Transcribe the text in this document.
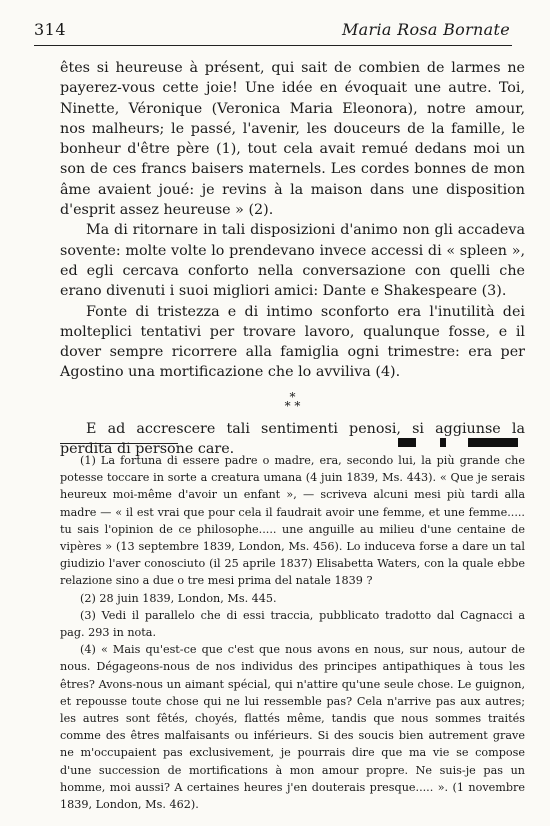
314	Maria Rosa Bornate

êtes si heureuse à présent, qui sait de combien de larmes ne payerez-vous cette joie! Une idée en évoquait une autre. Toi, Ninette, Véronique (Veronica Maria Eleonora), notre amour, nos malheurs; le passé, l'avenir, les douceurs de la famille, le bonheur d'être père (1), tout cela avait remué dedans moi un son de ces francs baisers maternels. Les cordes bonnes de mon âme avaient joué: je revins à la maison dans une disposition d'esprit assez heureuse » (2).

Ma di ritornare in tali disposizioni d'animo non gli accadeva sovente: molte volte lo prendevano invece accessi di « spleen », ed egli cercava conforto nella conversazione con quelli che erano divenuti i suoi migliori amici: Dante e Shakespeare (3).

Fonte di tristezza e di intimo sconforto era l'inutilità dei molteplici tentativi per trovare lavoro, qualunque fosse, e il dover sempre ricorrere alla famiglia ogni trimestre: era per Agostino una mortificazione che lo avviliva (4).

*
* *

E ad accrescere tali sentimenti penosi, si aggiunse la perdita di persone care.

(1) La fortuna di essere padre o madre, era, secondo lui, la più grande che potesse toccare in sorte a creatura umana (4 juin 1839, Ms. 443). « Que je serais heureux moi-même d'avoir un enfant », — scriveva alcuni mesi più tardi alla madre — « il est vrai que pour cela il faudrait avoir une femme, et une femme..... tu sais l'opinion de ce philosophe..... une anguille au milieu d'une centaine de vipères » (13 septembre 1839, London, Ms. 456). Lo induceva forse a dare un tal giudizio l'aver conosciuto (il 25 aprile 1837) Elisabetta Waters, con la quale ebbe relazione sino a due o tre mesi prima del natale 1839 ?

(2) 28 juin 1839, London, Ms. 445.

(3) Vedi il parallelo che di essi traccia, pubblicato tradotto dal Cagnacci a pag. 293 in nota.

(4) « Mais qu'est-ce que c'est que nous avons en nous, sur nous, autour de nous. Dégageons-nous de nos individus des principes antipathiques à tous les êtres? Avons-nous un aimant spécial, qui n'attire qu'une seule chose. Le guignon, et repousse toute chose qui ne lui ressemble pas? Cela n'arrive pas aux autres; les autres sont fêtés, choyés, flattés même, tandis que nous sommes traités comme des êtres malfaisants ou inférieurs. Si des soucis bien autrement grave ne m'occupaient pas exclusivement, je pourrais dire que ma vie se compose d'une succession de mortifications à mon amour propre. Ne suis-je pas un homme, moi aussi? A certaines heures j'en douterais presque..... ». (1 novembre 1839, London, Ms. 462).
